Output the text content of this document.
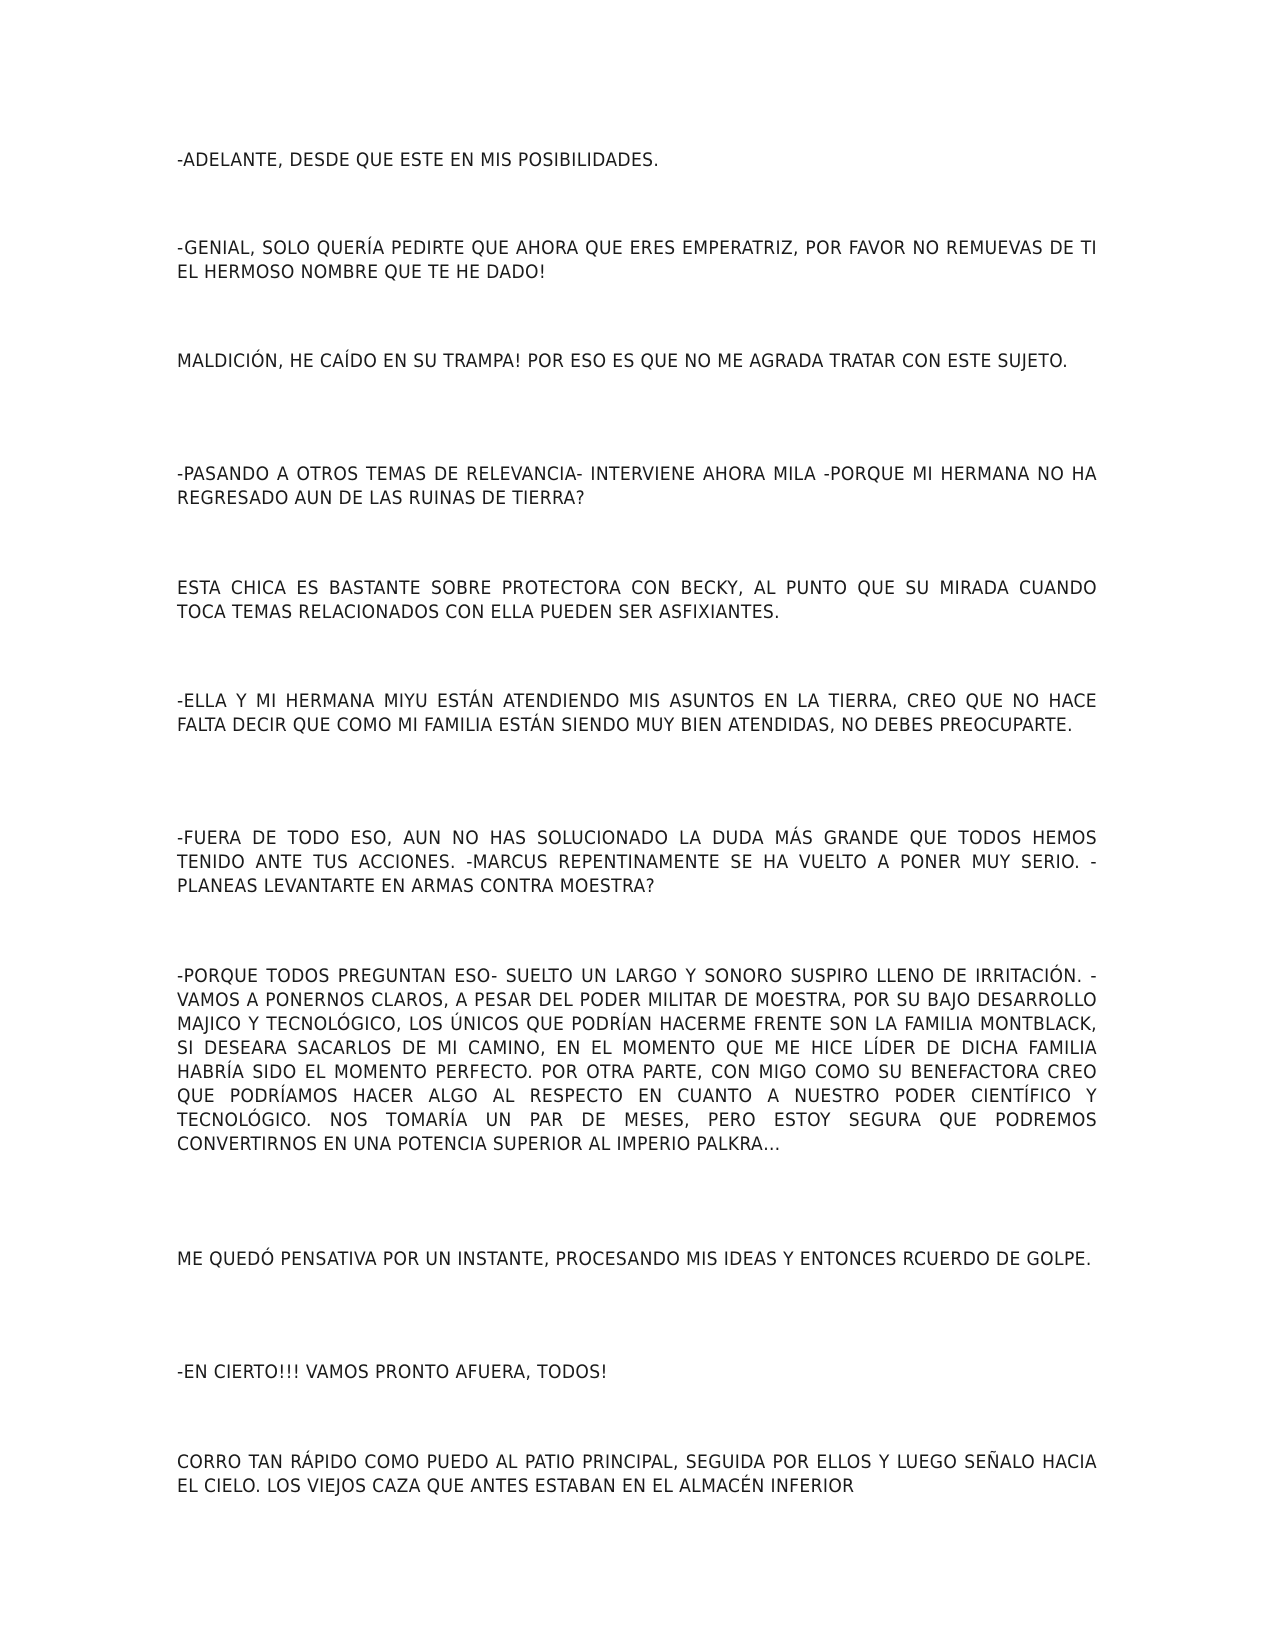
-ADELANTE, DESDE QUE ESTE EN MIS POSIBILIDADES.

-GENIAL, SOLO QUERÍA PEDIRTE QUE AHORA QUE ERES EMPERATRIZ, POR FAVOR NO REMUEVAS DE TI EL HERMOSO NOMBRE QUE TE HE DADO!

MALDICIÓN, HE CAÍDO EN SU TRAMPA! POR ESO ES QUE NO ME AGRADA TRATAR CON ESTE SUJETO.

-PASANDO A OTROS TEMAS DE RELEVANCIA- INTERVIENE AHORA MILA -PORQUE MI HERMANA NO HA REGRESADO AUN DE LAS RUINAS DE TIERRA?

ESTA CHICA ES BASTANTE SOBRE PROTECTORA CON BECKY, AL PUNTO QUE SU MIRADA CUANDO TOCA TEMAS RELACIONADOS CON ELLA PUEDEN SER ASFIXIANTES.

-ELLA Y MI HERMANA MIYU ESTÁN ATENDIENDO MIS ASUNTOS EN LA TIERRA, CREO QUE NO HACE FALTA DECIR QUE COMO MI FAMILIA ESTÁN SIENDO MUY BIEN ATENDIDAS, NO DEBES PREOCUPARTE.

-FUERA DE TODO ESO, AUN NO HAS SOLUCIONADO LA DUDA MÁS GRANDE QUE TODOS HEMOS TENIDO ANTE TUS ACCIONES. -MARCUS REPENTINAMENTE SE HA VUELTO A PONER MUY SERIO. -PLANEAS LEVANTARTE EN ARMAS CONTRA MOESTRA?

-PORQUE TODOS PREGUNTAN ESO- SUELTO UN LARGO Y SONORO SUSPIRO LLENO DE IRRITACIÓN. -VAMOS A PONERNOS CLAROS, A PESAR DEL PODER MILITAR DE MOESTRA, POR SU BAJO DESARROLLO MAJICO Y TECNOLÓGICO, LOS ÚNICOS QUE PODRÍAN HACERME FRENTE SON LA FAMILIA MONTBLACK, SI DESEARA SACARLOS DE MI CAMINO, EN EL MOMENTO QUE ME HICE LÍDER DE DICHA FAMILIA HABRÍA SIDO EL MOMENTO PERFECTO. POR OTRA PARTE, CON MIGO COMO SU BENEFACTORA CREO QUE PODRÍAMOS HACER ALGO AL RESPECTO EN CUANTO A NUESTRO PODER CIENTÍFICO Y TECNOLÓGICO. NOS TOMARÍA UN PAR DE MESES, PERO ESTOY SEGURA QUE PODREMOS CONVERTIRNOS EN UNA POTENCIA SUPERIOR AL IMPERIO PALKRA…

ME QUEDÓ PENSATIVA POR UN INSTANTE, PROCESANDO MIS IDEAS Y ENTONCES RCUERDO DE GOLPE.

-EN CIERTO!!! VAMOS PRONTO AFUERA, TODOS!

CORRO TAN RÁPIDO COMO PUEDO AL PATIO PRINCIPAL, SEGUIDA POR ELLOS Y LUEGO SEÑALO HACIA EL CIELO. LOS VIEJOS CAZA QUE ANTES ESTABAN EN EL ALMACÉN INFERIOR
